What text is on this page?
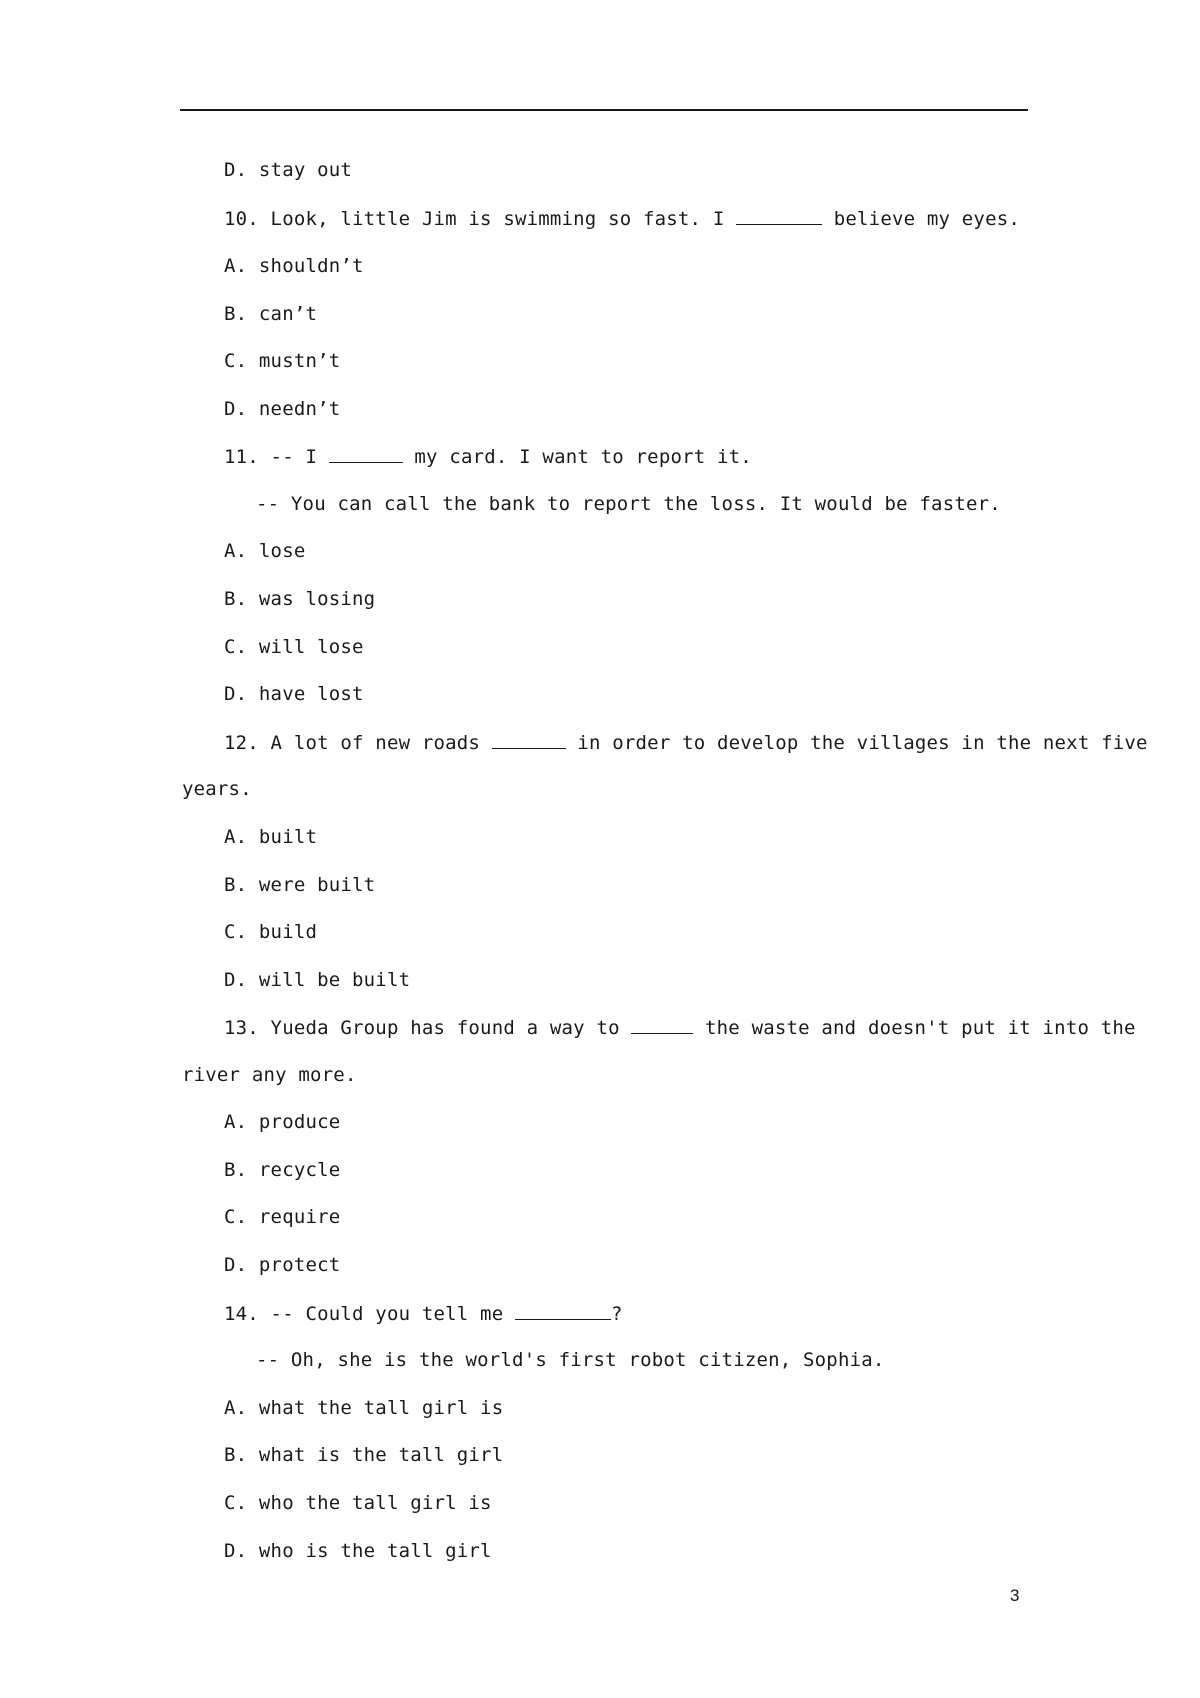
D. stay out
10. Look, little Jim is swimming so fast. I	believe my eyes.
A. shouldn’t
B. can’t
C. mustn’t
D. needn’t
11. -- I	my card. I want to report it.
-- You can call the bank to report the loss. It would be faster.
A. lose
B. was losing
C. will lose
D. have lost
12. A lot of new roads	in order to develop the villages in the next five
years.
A. built
B. were built
C. build
D. will be built
13. Yueda Group has found a way to	the waste and doesn't put it into the
river any more.
A. produce
B. recycle
C. require
D. protect
14. -- Could you tell me	?
-- Oh, she is the world's first robot citizen, Sophia.
A. what the tall girl is
B. what is the tall girl
C. who the tall girl is
D. who is the tall girl
3
